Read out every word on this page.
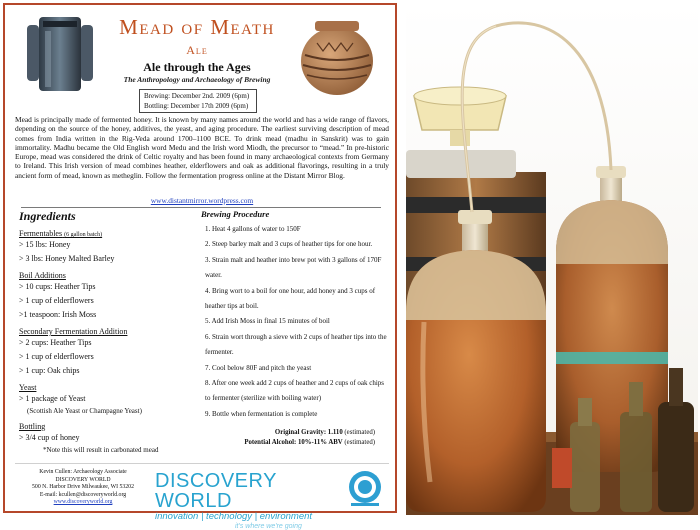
Mead of Meath
Ale
Ale through the Ages
The Anthropology and Archaeology of Brewing
Brewing: December 2nd. 2009 (6pm)
Bottling: December 17th 2009 (6pm)
Mead is principally made of fermented honey. It is known by many names around the world and has a wide range of flavors, depending on the source of the honey, additives, the yeast, and aging procedure. The earliest surviving description of mead comes from India written in the Rig-Veda around 1700–1100 BCE. To drink mead (madhu in Sanskrit) was to gain immortality. Madhu became the Old English word Medu and the Irish word Miodh, the precursor to “mead.” In pre-historic Europe, mead was considered the drink of Celtic royalty and has been found in many archaeological contexts from Germany to Ireland. This Irish version of mead combines heather, elderflowers and oak as additional flavorings, resulting in a truly ancient form of mead, known as metheglin. Follow the fermentation progress online at the Distant Mirror Blog.
www.distantmirror.wordpress.com
Ingredients
Fermentables (6 gallon batch)
> 15 lbs: Honey
> 3 lbs: Honey Malted Barley
Boil Additions
> 10 cups: Heather Tips
> 1 cup of elderflowers
>1 teaspoon: Irish Moss
Secondary Fermentation Addition
> 2 cups: Heather Tips
> 1 cup of elderflowers
> 1 cup: Oak chips
Yeast
> 1 package of Yeast
(Scottish Ale Yeast or Champagne Yeast)
Bottling
> 3/4 cup of honey
*Note this will result in carbonated mead
Brewing Procedure
1. Heat 4 gallons of water to 150F
2. Steep barley malt and 3 cups of heather tips for one hour.
3. Strain malt and heather into brew pot with 3 gallons of 170F water.
4. Bring wort to a boil for one hour, add honey and 3 cups of heather tips at boil.
5. Add Irish Moss in final 15 minutes of boil
6. Strain wort through a sieve with 2 cups of heather tips into the fermenter.
7. Cool below 80F and pitch the yeast
8. After one week add 2 cups of heather and 2 cups of oak chips to fermenter (sterilize with boiling water)
9. Bottle when fermentation is complete
Original Gravity: 1.110 (estimated)
Potential Alcohol: 10%-11% ABV (estimated)
Kevin Cullen: Archaeology Associate
DISCOVERY WORLD
500 N. Harbor Drive Milwaukee, WI 53202
E-mail: kcullen@discoveryworld.org
www.discoveryworld.org
DISCOVERY WORLD
innovation | technology | environment
it's where we're going
